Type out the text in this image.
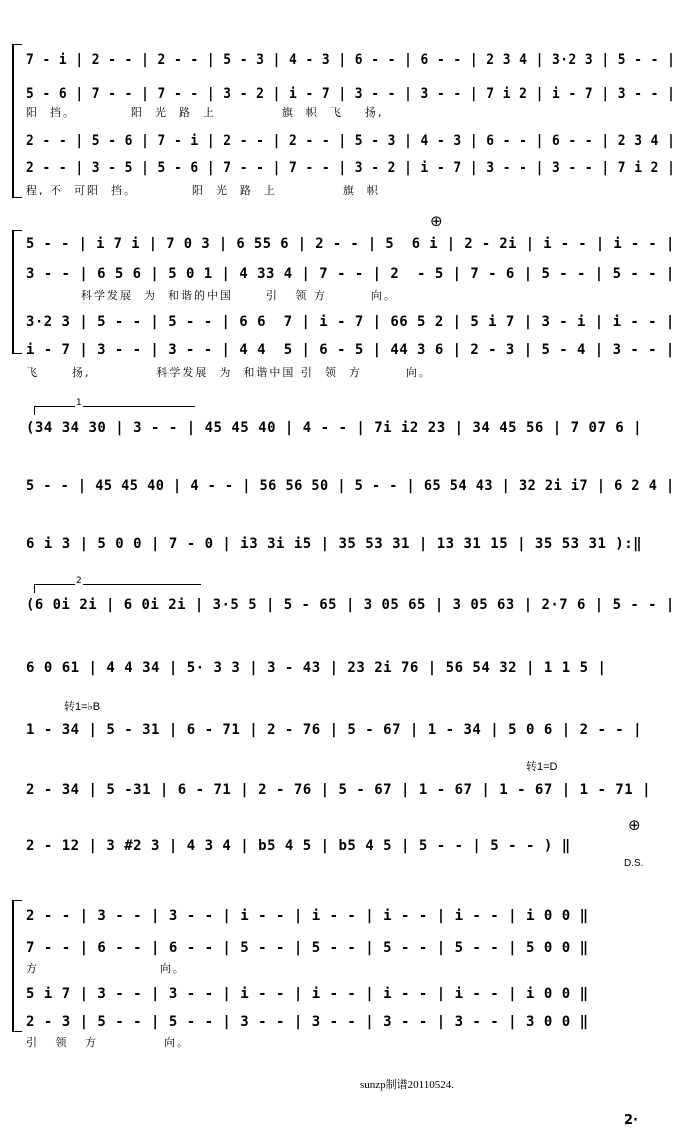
7 - i | 2 - - | 2 - - | 5 - 3 | 4 - 3 | 6 - - | 6 - - | 2 3 4 | 3·2 3 | 5 - - |
5 - 6 | 7 - - | 7 - - | 3 - 2 | i - 7 | 3 - - | 3 - - | 7 i 2 | i - 7 | 3 - - |
阳  挡。          阳  光  路  上            旗  帜  飞    扬,
2 - - | 5 - 6 | 7 - i | 2 - - | 2 - - | 5 - 3 | 4 - 3 | 6 - - | 6 - - | 2 3 4 |
2 - - | 3 - 5 | 5 - 6 | 7 - - | 7 - - | 3 - 2 | i - 7 | 3 - - | 3 - - | 7 i 2 |
程, 不  可阳  挡。          阳  光  路  上            旗  帜
⊕
5 - - | i 7 i | 7 0 3 | 6 55 6 | 2 - - | 5  6 i | 2 - 2i | i - - | i - - |
3 - - | 6 5 6 | 5 0 1 | 4 33 4 | 7 - - | 2  - 5 | 7 - 6 | 5 - - | 5 - - |
科学发展  为  和谐的中国      引   领 方        向。
3·2 3 | 5 - - | 5 - - | 6 6  7 | i - 7 | 66 5 2 | 5 i 7 | 3 - i | i - - |
i - 7 | 3 - - | 3 - - | 4 4  5 | 6 - 5 | 44 3 6 | 2 - 3 | 5 - 4 | 3 - - |
飞      扬,            科学发展  为  和谐中国 引  领  方        向。
1
(34 34 30 | 3 - - | 45 45 40 | 4 - - | 7i i2 23 | 34 45 56 | 7 07 6 |
5 - - | 45 45 40 | 4 - - | 56 56 50 | 5 - - | 65 54 43 | 32 2i i7 | 6 2 4 |
6 i 3 | 5 0 0 | 7 - 0 | i3 3i i5 | 35 53 31 | 13 31 15 | 35 53 31 ):‖
2
(6 0i 2i | 6 0i 2i | 3·5 5 | 5 - 65 | 3 05 65 | 3 05 63 | 2·7 6 | 5 - - |
6 0 61 | 4 4 34 | 5· 3 3 | 3 - 43 | 23 2i 76 | 56 54 32 | 1 1 5 |
转1=♭B
1 - 34 | 5 - 31 | 6 - 71 | 2 - 76 | 5 - 67 | 1 - 34 | 5 0 6 | 2 - - |
转1=D
2 - 34 | 5 -31 | 6 - 71 | 2 - 76 | 5 - 67 | 1 - 67 | 1 - 67 | 1 - 71 |
⊕
2 - 12 | 3 #2 3 | 4 3 4 | b5 4 5 | b5 4 5 | 5 - - | 5 - - ) ‖
D.S.
2 - - | 3 - - | 3 - - | i - - | i - - | i - - | i - - | i 0 0 ‖
7 - - | 6 - - | 6 - - | 5 - - | 5 - - | 5 - - | 5 - - | 5 0 0 ‖
方                      向。
5 i 7 | 3 - - | 3 - - | i - - | i - - | i - - | i - - | i 0 0 ‖
2 - 3 | 5 - - | 5 - - | 3 - - | 3 - - | 3 - - | 3 - - | 3 0 0 ‖
引   领   方            向。
sunzp制谱20110524.
2·
